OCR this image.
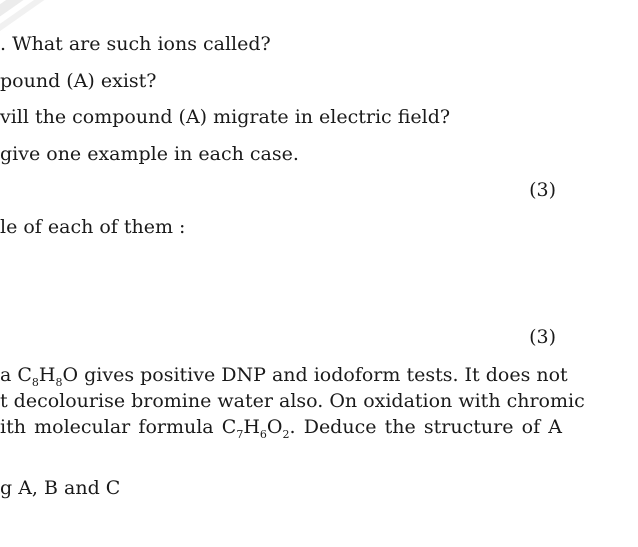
. What are such ions called?
pound (A) exist?
vill the compound (A) migrate in electric field?
give one example in each case.
(3)
le of each of them :
(3)
a $C_8H_8O$ gives positive DNP and iodoform tests. It does not
t decolourise bromine water also. On oxidation with chromic
ith molecular formula $C_7H_6O_2$. Deduce the structure of A
g A, B and C
